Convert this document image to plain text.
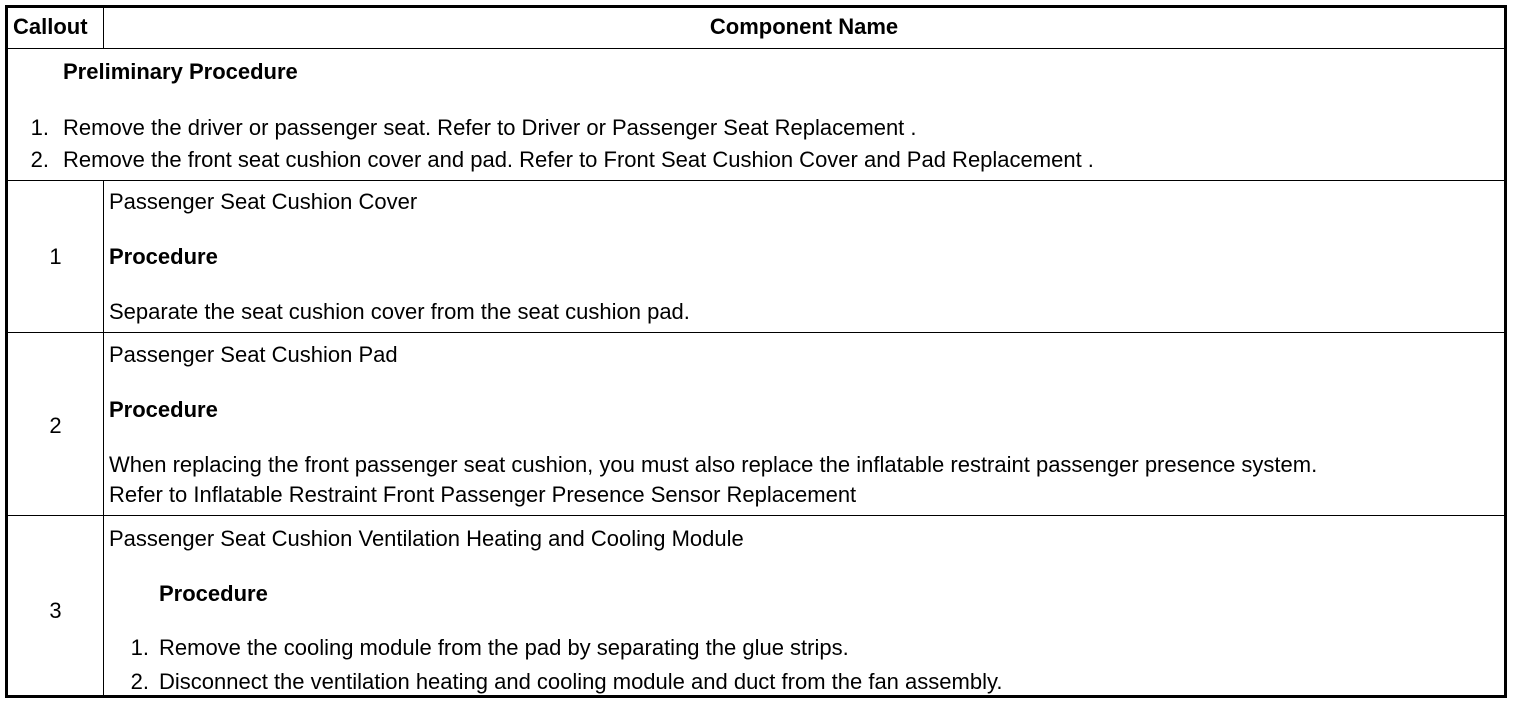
Callout	Component Name
Preliminary Procedure
1. Remove the driver or passenger seat. Refer to Driver or Passenger Seat Replacement .
2. Remove the front seat cushion cover and pad. Refer to Front Seat Cushion Cover and Pad Replacement .
1
Passenger Seat Cushion Cover
Procedure
Separate the seat cushion cover from the seat cushion pad.
2
Passenger Seat Cushion Pad
Procedure
When replacing the front passenger seat cushion, you must also replace the inflatable restraint passenger presence system.
Refer to Inflatable Restraint Front Passenger Presence Sensor Replacement
3
Passenger Seat Cushion Ventilation Heating and Cooling Module
Procedure
1. Remove the cooling module from the pad by separating the glue strips.
2. Disconnect the ventilation heating and cooling module and duct from the fan assembly.
